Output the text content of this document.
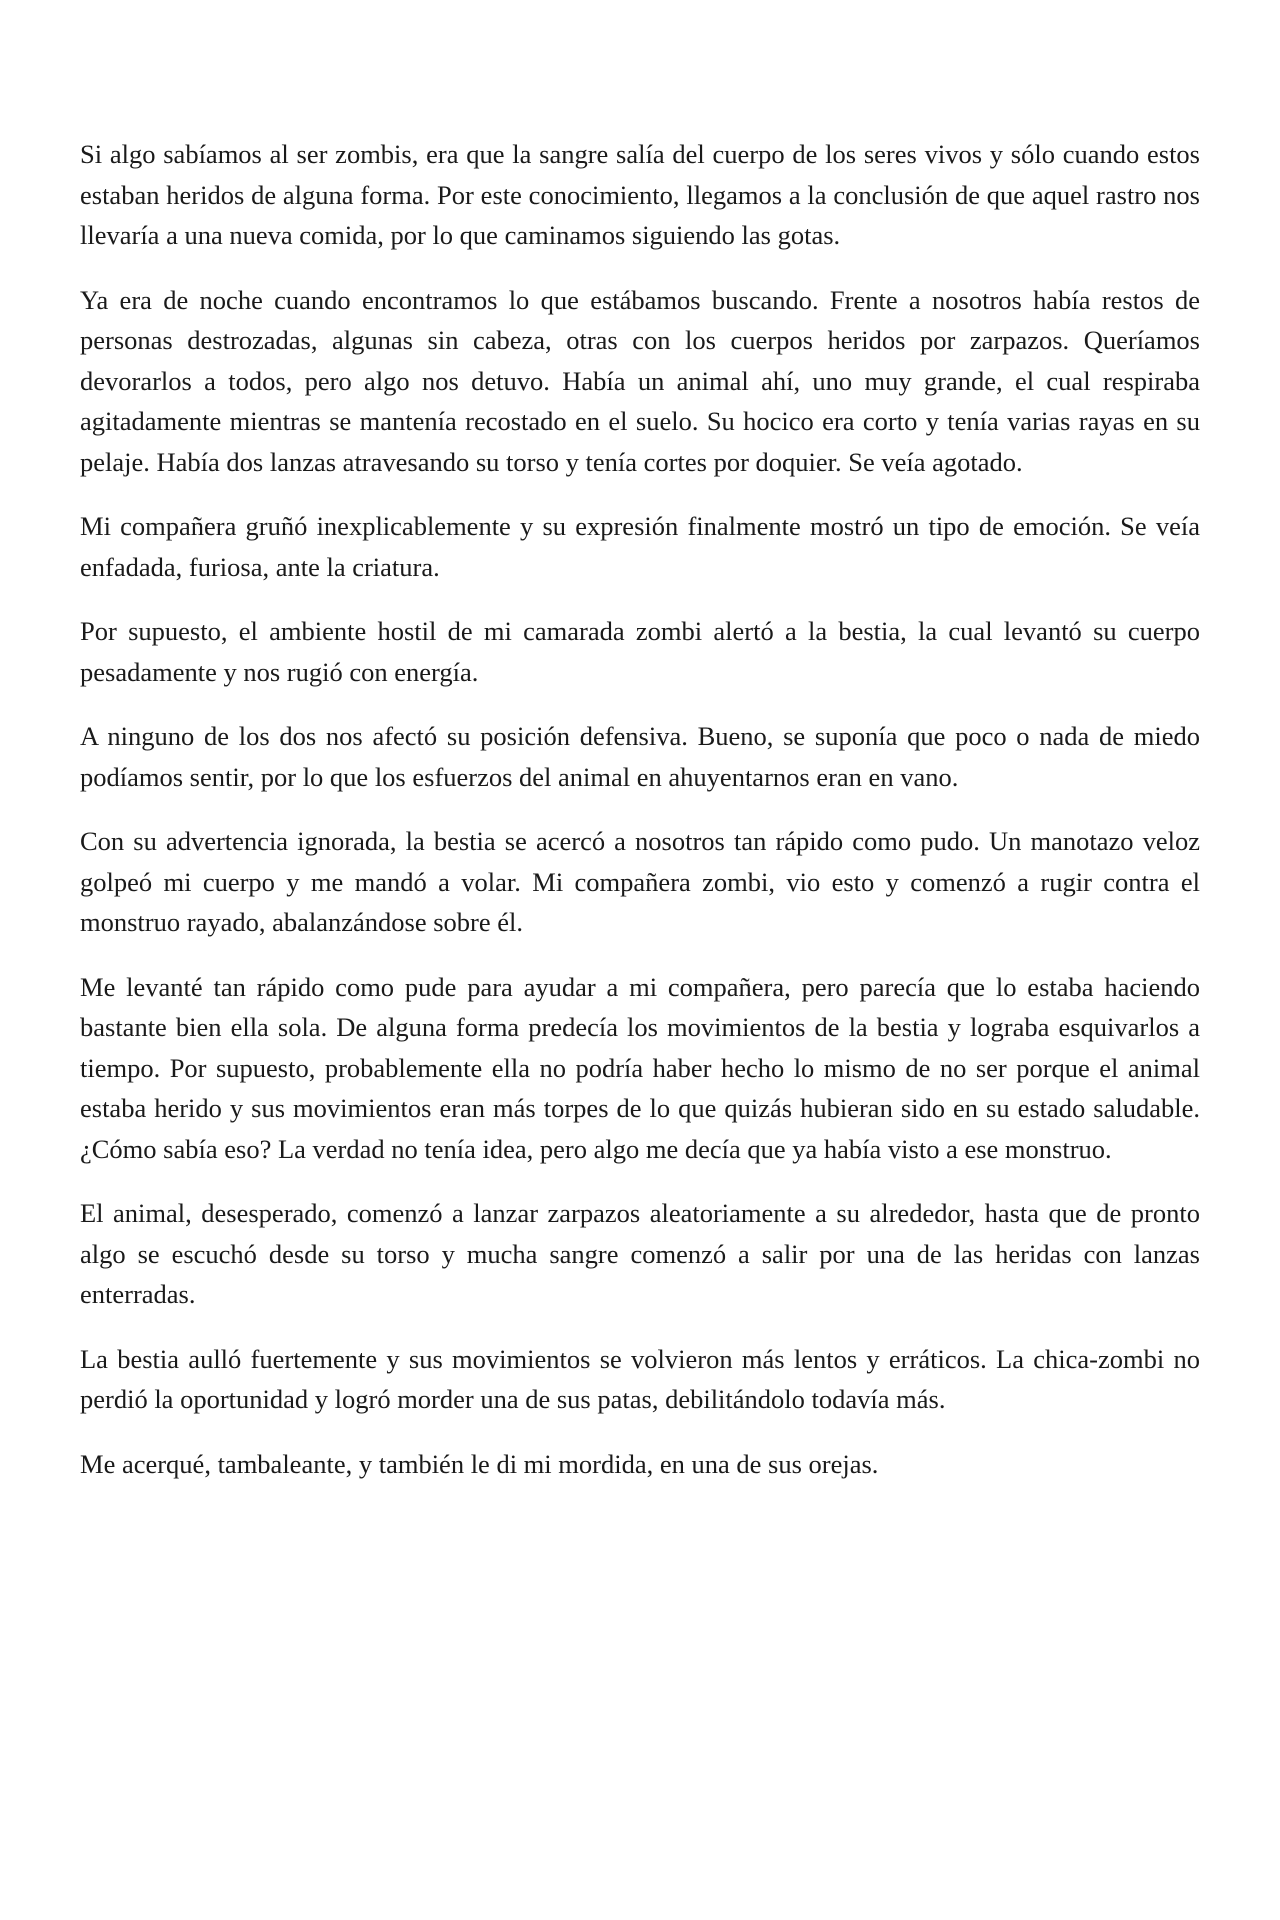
Si algo sabíamos al ser zombis, era que la sangre salía del cuerpo de los seres vivos y sólo cuando estos estaban heridos de alguna forma. Por este conocimiento, llegamos a la conclusión de que aquel rastro nos llevaría a una nueva comida, por lo que caminamos siguiendo las gotas.

Ya era de noche cuando encontramos lo que estábamos buscando. Frente a nosotros había restos de personas destrozadas, algunas sin cabeza, otras con los cuerpos heridos por zarpazos. Queríamos devorarlos a todos, pero algo nos detuvo. Había un animal ahí, uno muy grande, el cual respiraba agitadamente mientras se mantenía recostado en el suelo. Su hocico era corto y tenía varias rayas en su pelaje. Había dos lanzas atravesando su torso y tenía cortes por doquier. Se veía agotado.

Mi compañera gruñó inexplicablemente y su expresión finalmente mostró un tipo de emoción. Se veía enfadada, furiosa, ante la criatura.

Por supuesto, el ambiente hostil de mi camarada zombi alertó a la bestia, la cual levantó su cuerpo pesadamente y nos rugió con energía.

A ninguno de los dos nos afectó su posición defensiva. Bueno, se suponía que poco o nada de miedo podíamos sentir, por lo que los esfuerzos del animal en ahuyentarnos eran en vano.

Con su advertencia ignorada, la bestia se acercó a nosotros tan rápido como pudo. Un manotazo veloz golpeó mi cuerpo y me mandó a volar. Mi compañera zombi, vio esto y comenzó a rugir contra el monstruo rayado, abalanzándose sobre él.

Me levanté tan rápido como pude para ayudar a mi compañera, pero parecía que lo estaba haciendo bastante bien ella sola. De alguna forma predecía los movimientos de la bestia y lograba esquivarlos a tiempo. Por supuesto, probablemente ella no podría haber hecho lo mismo de no ser porque el animal estaba herido y sus movimientos eran más torpes de lo que quizás hubieran sido en su estado saludable. ¿Cómo sabía eso? La verdad no tenía idea, pero algo me decía que ya había visto a ese monstruo.

El animal, desesperado, comenzó a lanzar zarpazos aleatoriamente a su alrededor, hasta que de pronto algo se escuchó desde su torso y mucha sangre comenzó a salir por una de las heridas con lanzas enterradas.

La bestia aulló fuertemente y sus movimientos se volvieron más lentos y erráticos. La chica-zombi no perdió la oportunidad y logró morder una de sus patas, debilitándolo todavía más.

Me acerqué, tambaleante, y también le di mi mordida, en una de sus orejas.
